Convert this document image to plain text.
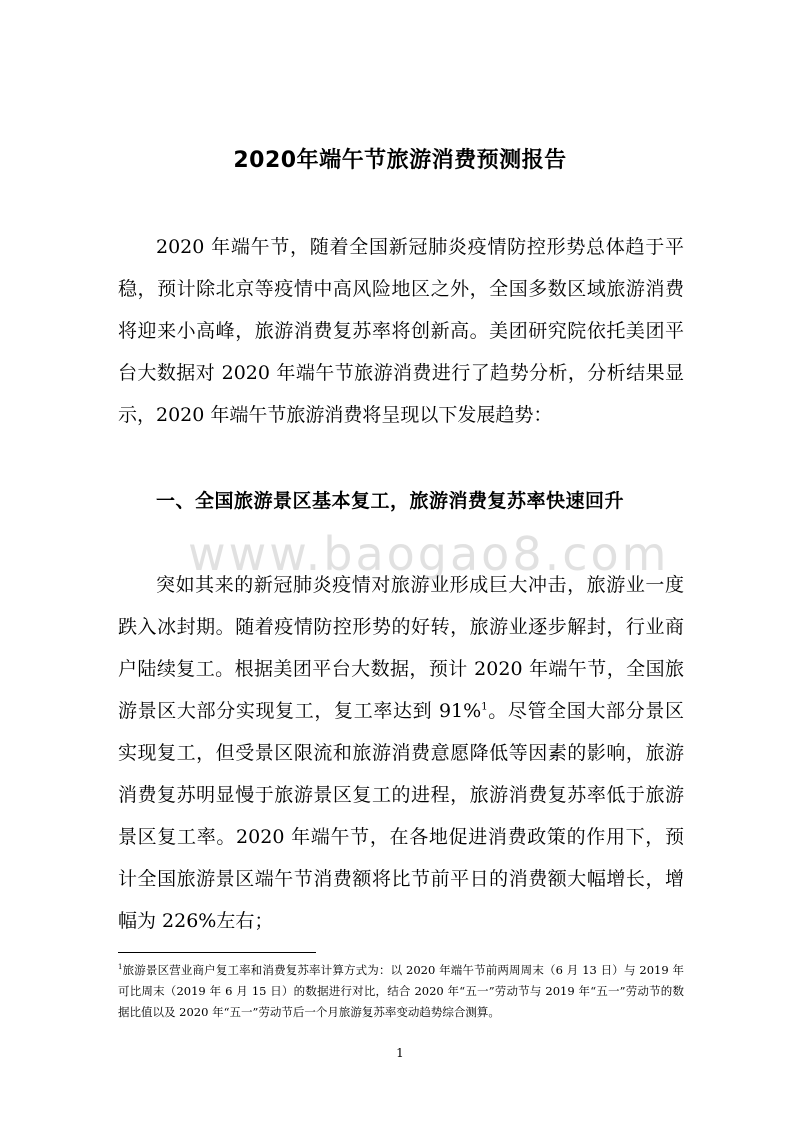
2020年端午节旅游消费预测报告
2020 年端午节，随着全国新冠肺炎疫情防控形势总体趋于平稳，预计除北京等疫情中高风险地区之外，全国多数区域旅游消费将迎来小高峰，旅游消费复苏率将创新高。美团研究院依托美团平台大数据对 2020 年端午节旅游消费进行了趋势分析，分析结果显示，2020 年端午节旅游消费将呈现以下发展趋势：
一、全国旅游景区基本复工，旅游消费复苏率快速回升
www.baogao8.com
突如其来的新冠肺炎疫情对旅游业形成巨大冲击，旅游业一度跌入冰封期。随着疫情防控形势的好转，旅游业逐步解封，行业商户陆续复工。根据美团平台大数据，预计 2020 年端午节，全国旅游景区大部分实现复工，复工率达到 91%$^1$。尽管全国大部分景区实现复工，但受景区限流和旅游消费意愿降低等因素的影响，旅游消费复苏明显慢于旅游景区复工的进程，旅游消费复苏率低于旅游景区复工率。2020 年端午节，在各地促进消费政策的作用下，预计全国旅游景区端午节消费额将比节前平日的消费额大幅增长，增幅为 226%左右；
$^1$旅游景区营业商户复工率和消费复苏率计算方式为：以 2020 年端午节前两周周末（6 月 13 日）与 2019 年可比周末（2019 年 6 月 15 日）的数据进行对比，结合 2020 年“五一”劳动节与 2019 年“五一”劳动节的数据比值以及 2020 年“五一”劳动节后一个月旅游复苏率变动趋势综合测算。
1
